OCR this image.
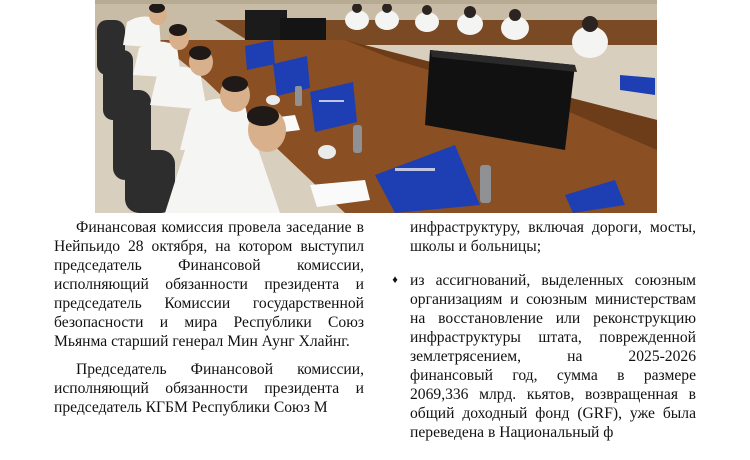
Финансовая комиссия провела заседание в Нейпьидо 28 октября, на котором выступил председатель Финансовой комиссии, исполняющий обязанности президента и председатель Комиссии государственной безопасности и мира Республики Союз Мьянма старший генерал Мин Аунг Хлайнг.

Председатель Финансовой комиссии, исполняющий обязанности президента и председатель КГБМ Республики Союз М

инфраструктуру, включая дороги, мосты, школы и больницы;

♦ из ассигнований, выделенных союзным организациям и союзным министерствам на восстановление или реконструкцию инфраструктуры штата, поврежденной землетрясением, на 2025-2026 финансовый год, сумма в размере 2069,336 млрд. кьятов, возвращенная в общий доходный фонд (GRF), уже была переведена в Национальный ф
